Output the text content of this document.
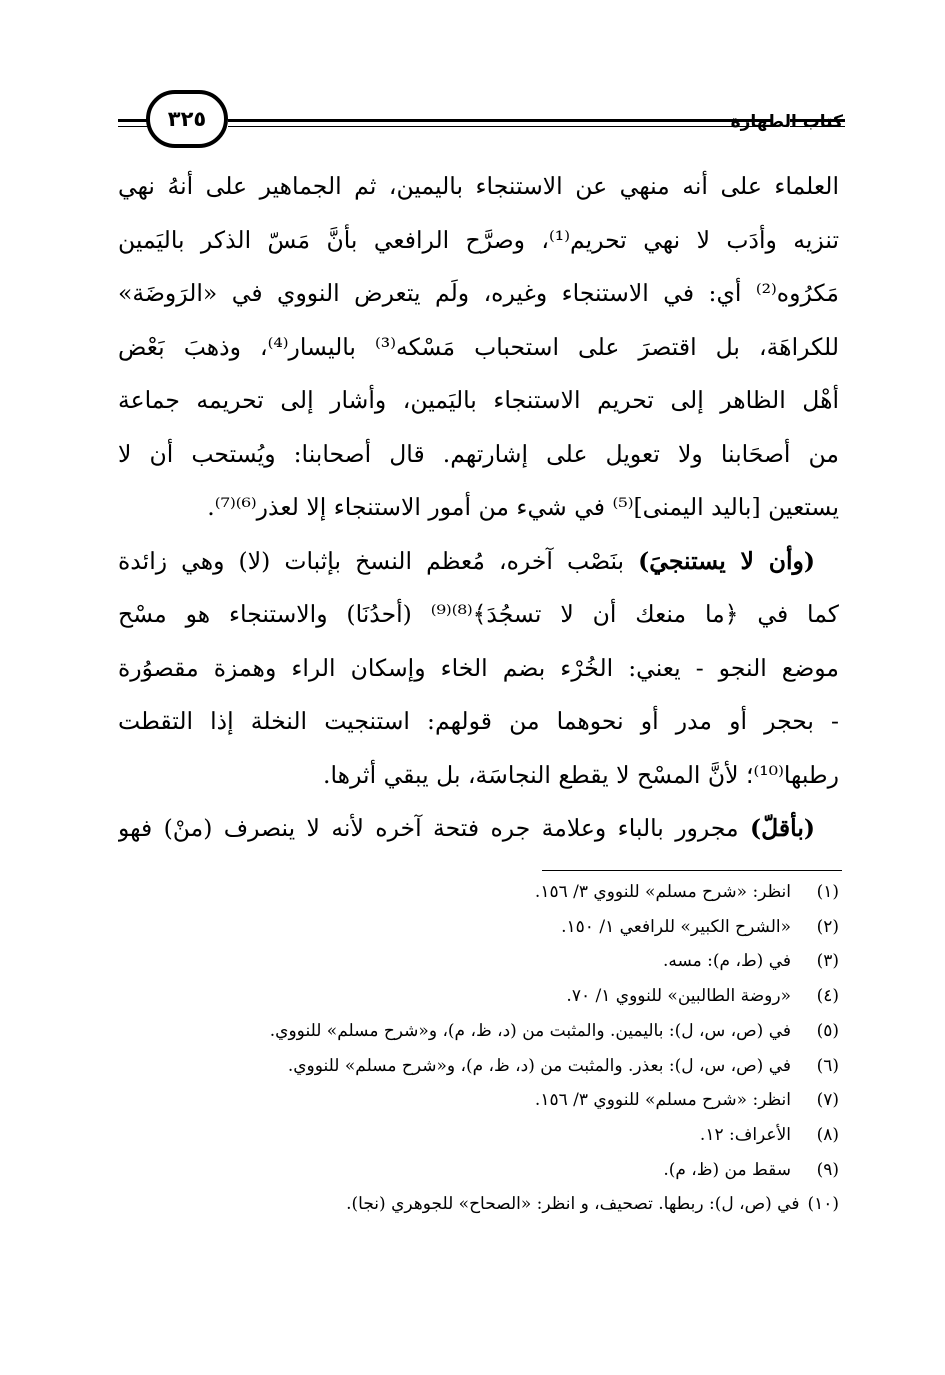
كتاب الطهارة
٣٢٥
العلماء على أنه منهي عن الاستنجاء باليمين، ثم الجماهير على أنهُ نهي
تنزيه وأدَب لا نهي تحريم⁽¹⁾، وصرَّح الرافعي بأنَّ مَسّ الذكر باليَمين
مَكرُوه⁽²⁾ أي: في الاستنجاء وغيره، ولَم يتعرض النووي في «الرَوضَة»
للكراهَة، بل اقتصرَ على استحباب مَسْكه⁽³⁾ باليسار⁽⁴⁾، وذهبَ بَعْض
أهْل الظاهر إلى تحريم الاستنجاء باليَمين، وأشار إلى تحريمه جماعة
من أصحَابنا ولا تعويل على إشارتهم. قال أصحابنا: ويُستحب أن لا
يستعين [باليد اليمنى]⁽⁵⁾ في شيء من أمور الاستنجاء إلا لعذر⁽⁶⁾⁽⁷⁾.
(وأن لا يستنجيَ) بنَصْب آخره، مُعظم النسخ بإثبات (لا) وهي زائدة
كما في ﴿ما منعك أن لا تسجُدَ﴾⁽⁸⁾⁽⁹⁾ (أحدُنَا) والاستنجاء هو مسْح
موضع النجو - يعني: الخُرْء بضم الخاء وإسكان الراء وهمزة مقصوُرة
- بحجر أو مدر أو نحوهما من قولهم: استنجيت النخلة إذا التقطت
رطبها⁽¹⁰⁾؛ لأنَّ المسْح لا يقطع النجاسَة، بل يبقي أثرها.
(بأقلّ) مجرور بالباء وعلامة جره فتحة آخره لأنه لا ينصرف (منْ) فهو
(١)
انظر: «شرح مسلم» للنووي ٣/ ١٥٦.
(٢)
«الشرح الكبير» للرافعي ١/ ١٥٠.
(٣)
في (ط، م): مسه.
(٤)
«روضة الطالبين» للنووي ١/ ٧٠.
(٥)
في (ص، س، ل): باليمين. والمثبت من (د، ظ، م)، و«شرح مسلم» للنووي.
(٦)
في (ص، س، ل): بعذر. والمثبت من (د، ظ، م)، و«شرح مسلم» للنووي.
(٧)
انظر: «شرح مسلم» للنووي ٣/ ١٥٦.
(٨)
الأعراف: ١٢.
(٩)
سقط من (ظ، م).
(١٠)
في (ص، ل): ربطها. تصحيف، و انظر: «الصحاح» للجوهري (نجا).
